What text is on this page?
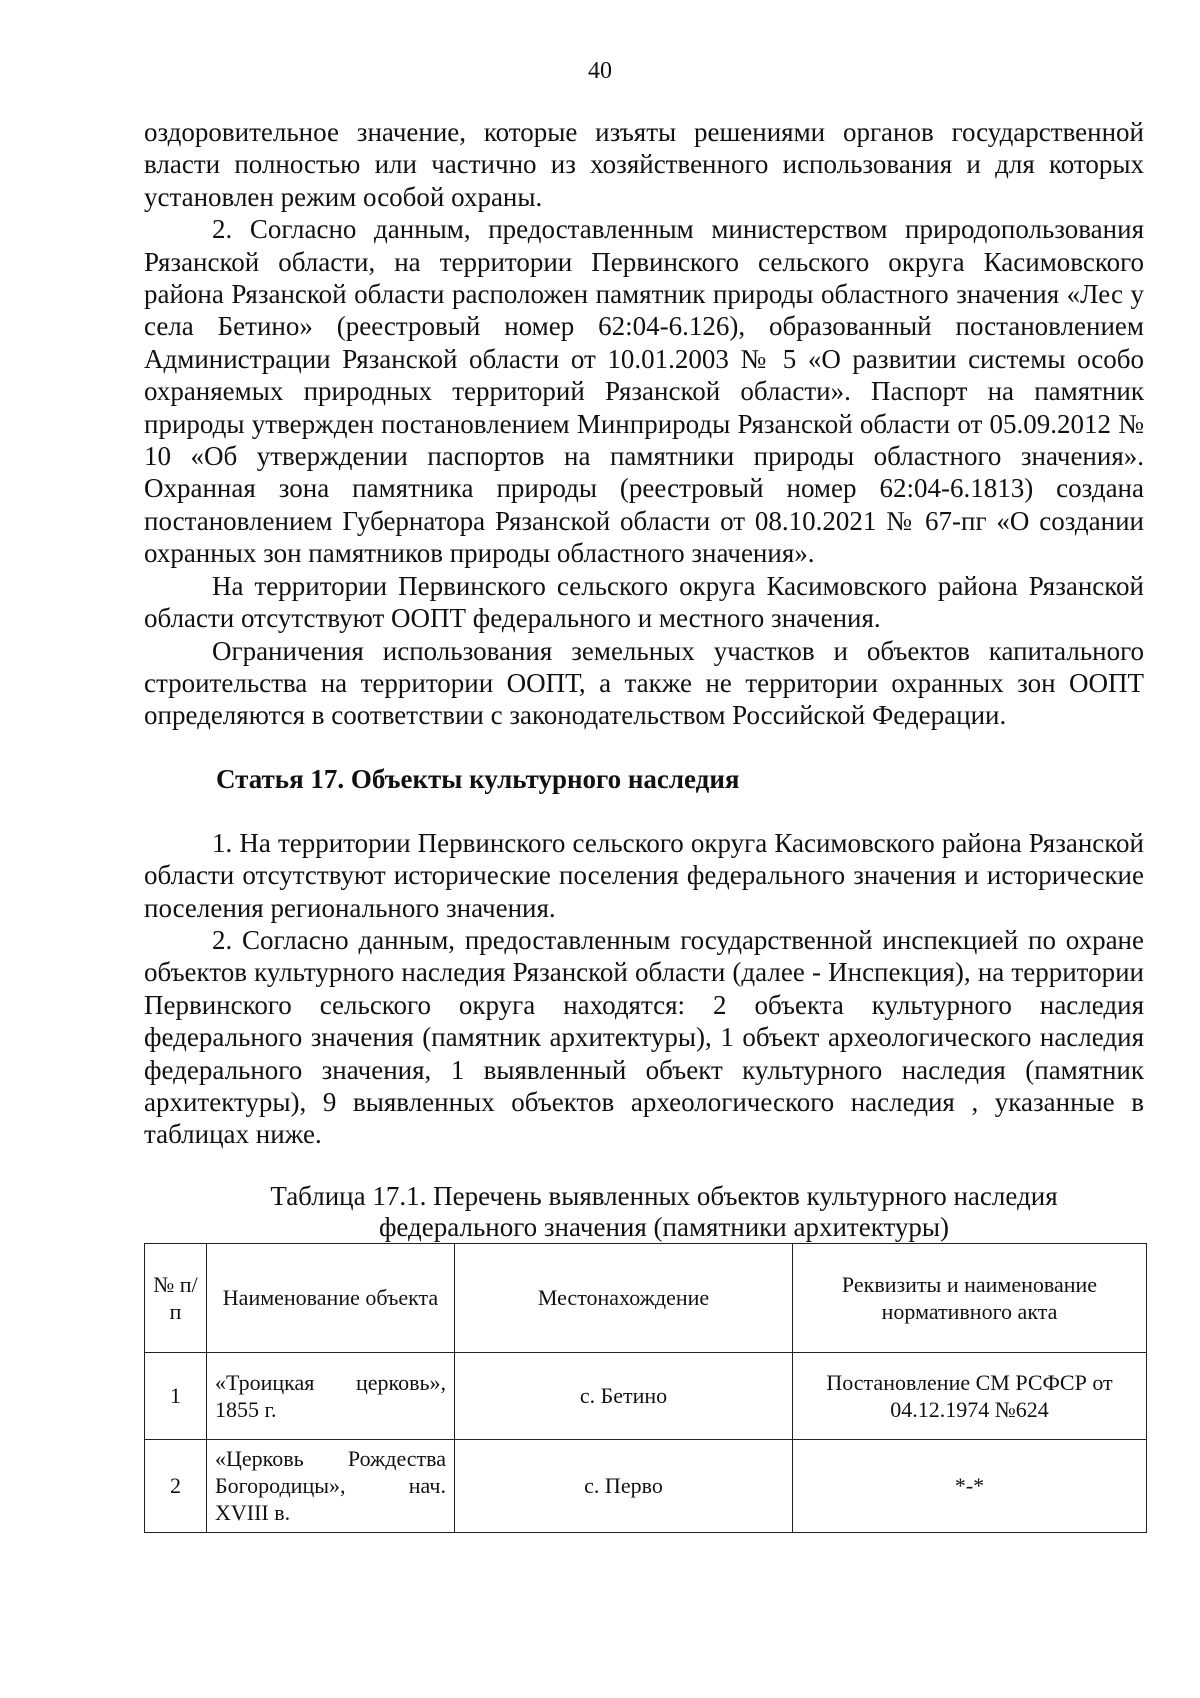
40

оздоровительное значение, которые изъяты решениями органов государственной власти полностью или частично из хозяйственного использования и для которых установлен режим особой охраны.

2. Согласно данным, предоставленным министерством природопользования Рязанской области, на территории Первинского сельского округа Касимовского района Рязанской области расположен памятник природы областного значения «Лес у села Бетино» (реестровый номер 62:04-6.126), образованный постановлением Администрации Рязанской области от 10.01.2003 № 5 «О развитии системы особо охраняемых природных территорий Рязанской области». Паспорт на памятник природы утвержден постановлением Минприроды Рязанской области от 05.09.2012 № 10 «Об утверждении паспортов на памятники природы областного значения». Охранная зона памятника природы (реестровый номер 62:04-6.1813) создана постановлением Губернатора Рязанской области от 08.10.2021 № 67-пг «О создании охранных зон памятников природы областного значения».

На территории Первинского сельского округа Касимовского района Рязанской области отсутствуют ООПТ федерального и местного значения.

Ограничения использования земельных участков и объектов капитального строительства на территории ООПТ, а также не территории охранных зон ООПТ определяются в соответствии с законодательством Российской Федерации.

Статья 17. Объекты культурного наследия

1. На территории Первинского сельского округа Касимовского района Рязанской области отсутствуют исторические поселения федерального значения и исторические поселения регионального значения.

2. Согласно данным, предоставленным государственной инспекцией по охране объектов культурного наследия Рязанской области (далее - Инспекция), на территории Первинского сельского округа находятся: 2 объекта культурного наследия федерального значения (памятник архитектуры), 1 объект археологического наследия федерального значения, 1 выявленный объект культурного наследия (памятник архитектуры), 9 выявленных объектов археологического наследия , указанные в таблицах ниже.

Таблица 17.1. Перечень выявленных объектов культурного наследия

федерального значения (памятники архитектуры)

№ п/п	Наименование объекта	Местонахождение	Реквизиты и наименование нормативного акта
1	«Троицкая церковь», 1855 г.	с. Бетино	Постановление СМ РСФСР от 04.12.1974 №624
2	«Церковь Рождества Богородицы», нач. XVIII в.	с. Перво	*-*
